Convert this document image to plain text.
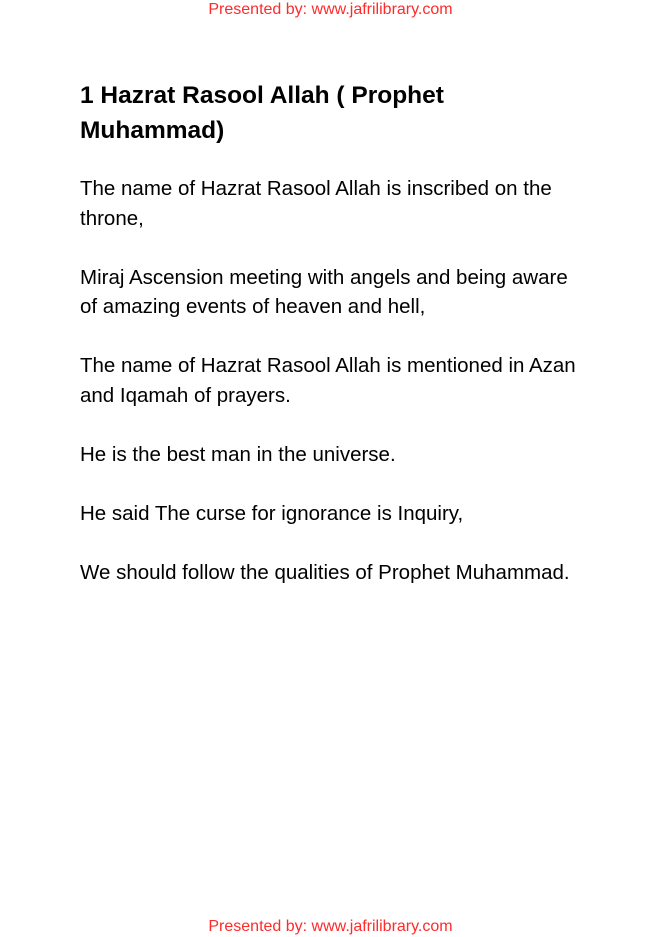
Presented by: www.jafrilibrary.com
1 Hazrat Rasool Allah ( Prophet Muhammad)

The name of Hazrat Rasool Allah is inscribed on the throne,

Miraj Ascension meeting with angels and being aware of amazing events of heaven and hell,

The name of Hazrat Rasool Allah is mentioned in Azan and Iqamah of prayers.

He is the best man in the universe.

He said The curse for ignorance is Inquiry,

We should follow the qualities of Prophet Muhammad.

Presented by: www.jafrilibrary.com
